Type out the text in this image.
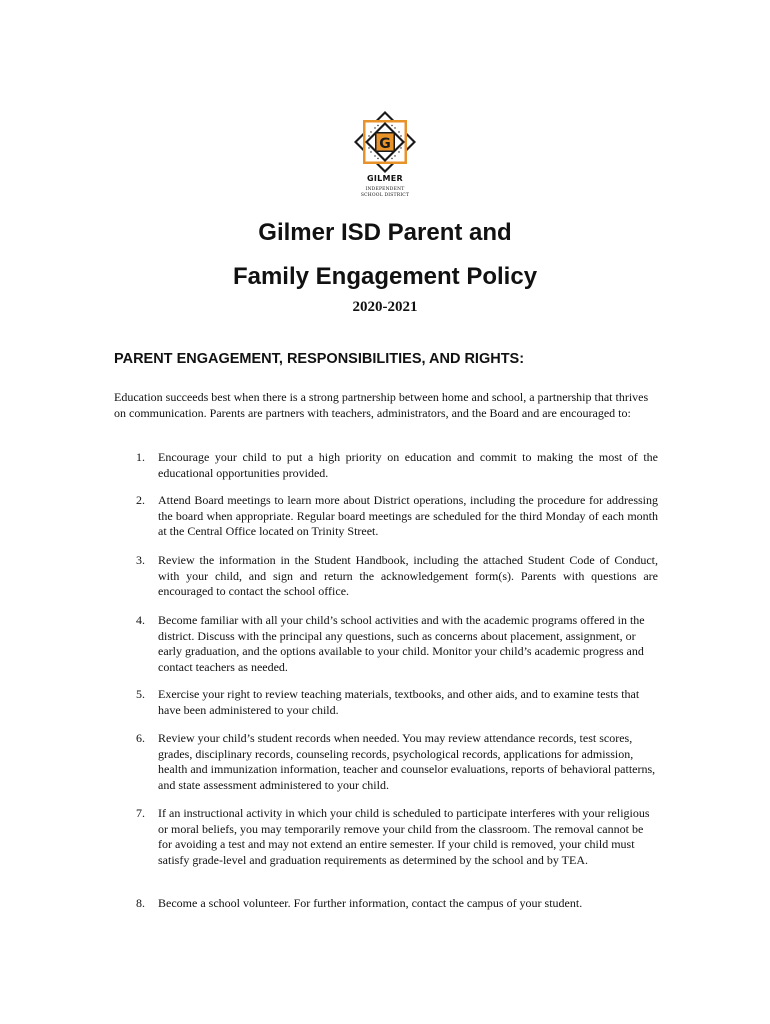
G
GILMER
INDEPENDENT
SCHOOL DISTRICT
Gilmer ISD Parent and
Family Engagement Policy
2020-2021
PARENT ENGAGEMENT, RESPONSIBILITIES, AND RIGHTS:
Education succeeds best when there is a strong partnership between home and school, a partnership that thrives on communication. Parents are partners with teachers, administrators, and the Board and are encouraged to:
1.	Encourage your child to put a high priority on education and commit to making the most of the educational opportunities provided.
2.	Attend Board meetings to learn more about District operations, including the procedure for addressing the board when appropriate. Regular board meetings are scheduled for the third Monday of each month at the Central Office located on Trinity Street.
3.	Review the information in the Student Handbook, including the attached Student Code of Conduct, with your child, and sign and return the acknowledgement form(s). Parents with questions are encouraged to contact the school office.
4.	Become familiar with all your child’s school activities and with the academic programs offered in the district. Discuss with the principal any questions, such as concerns about placement, assignment, or early graduation, and the options available to your child. Monitor your child’s academic progress and contact teachers as needed.
5.	Exercise your right to review teaching materials, textbooks, and other aids, and to examine tests that have been administered to your child.
6.	Review your child’s student records when needed. You may review attendance records, test scores, grades, disciplinary records, counseling records, psychological records, applications for admission, health and immunization information, teacher and counselor evaluations, reports of behavioral patterns, and state assessment administered to your child.
7.	If an instructional activity in which your child is scheduled to participate interferes with your religious or moral beliefs, you may temporarily remove your child from the classroom. The removal cannot be for avoiding a test and may not extend an entire semester. If your child is removed, your child must satisfy grade-level and graduation requirements as determined by the school and by TEA.
8.	Become a school volunteer. For further information, contact the campus of your student.
